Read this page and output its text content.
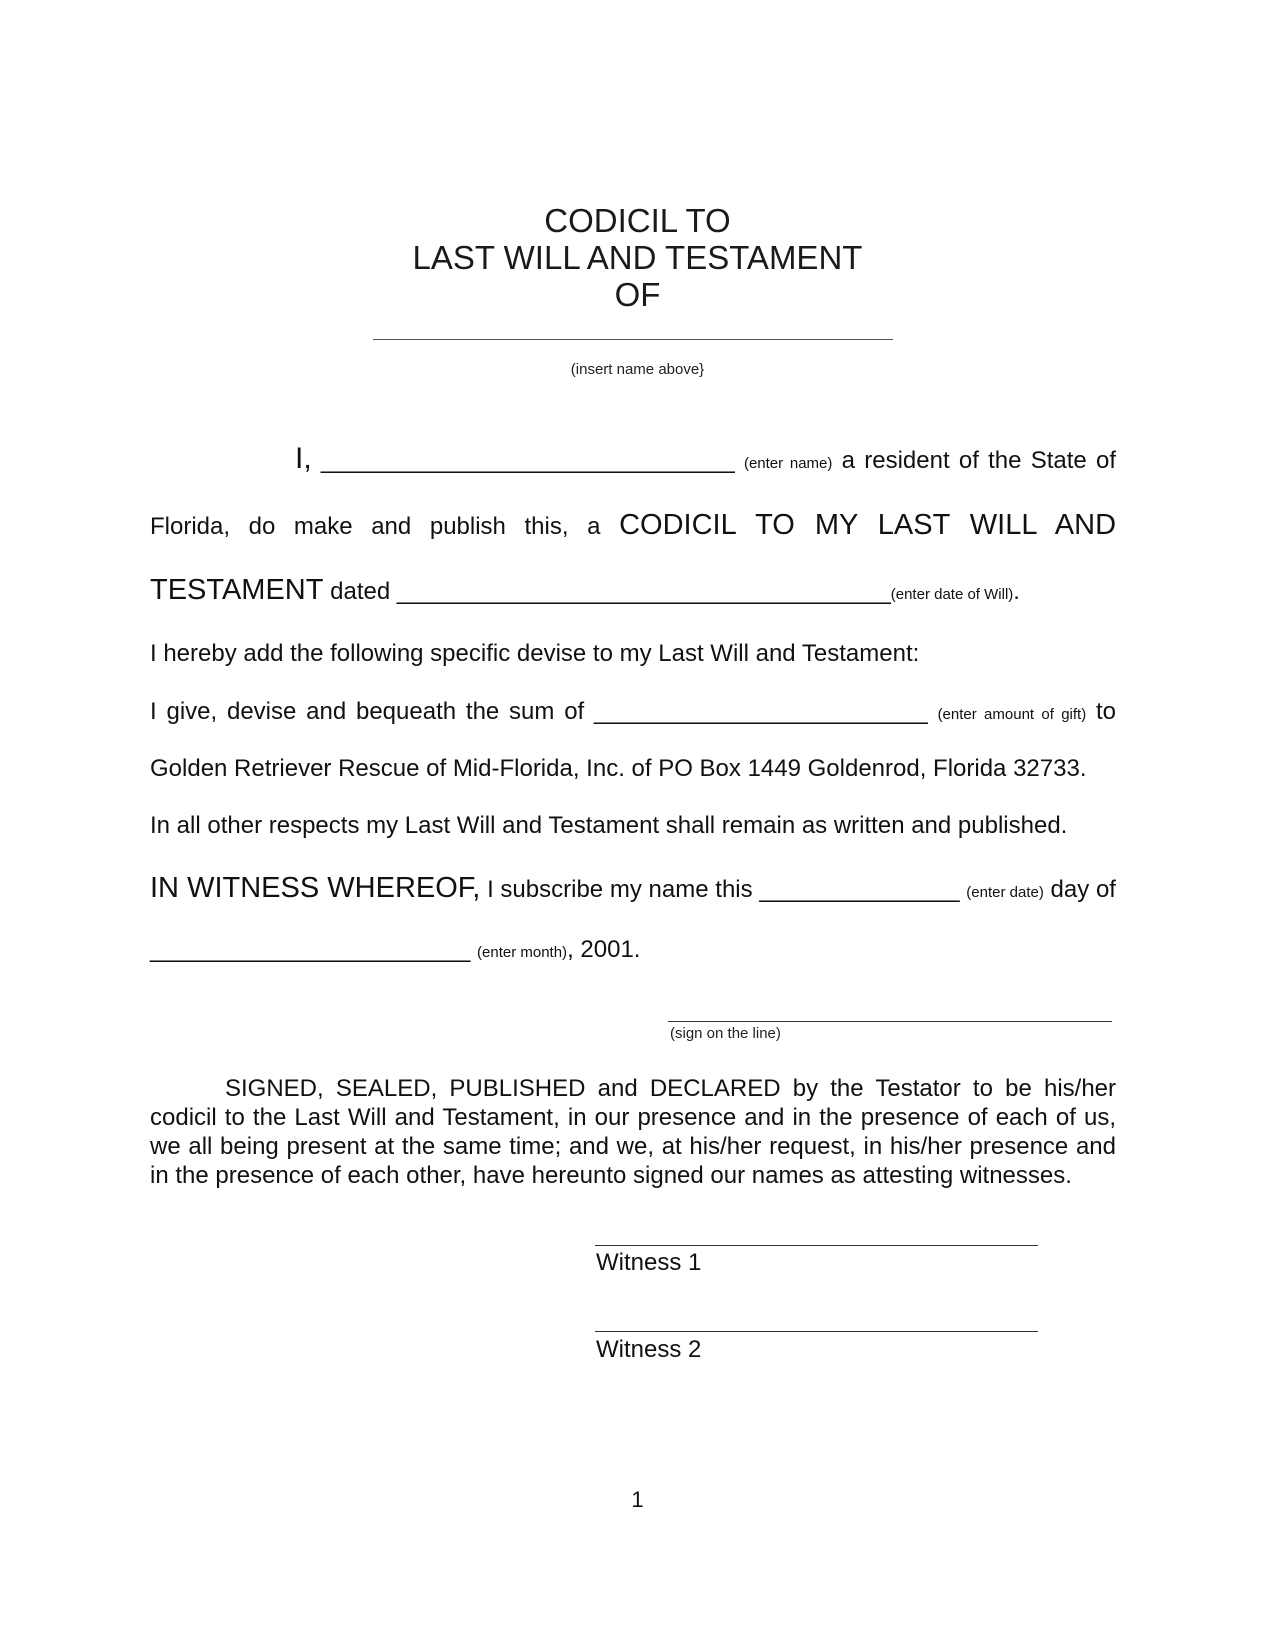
CODICIL TO
LAST WILL AND TESTAMENT
OF
(insert name above}
I, _______________________________ (enter name) a resident of the State of
Florida, do make and publish this, a CODICIL TO MY LAST WILL AND
TESTAMENT dated _____________________________________(enter date of Will).
I hereby add the following specific devise to my Last Will and Testament:
I give, devise and bequeath the sum of _________________________ (enter amount of gift) to
Golden Retriever Rescue of Mid-Florida, Inc. of PO Box 1449 Goldenrod, Florida 32733.
In all other respects my Last Will and Testament shall remain as written and published.
IN WITNESS WHEREOF, I subscribe my name this _______________ (enter date) day of
________________________ (enter month), 2001.
(sign on the line)
SIGNED, SEALED, PUBLISHED and DECLARED by the Testator to be his/her
codicil to the Last Will and Testament, in our presence and in the presence of each of us,
we all being present at the same time; and we, at his/her request, in his/her presence and
in the presence of each other, have hereunto signed our names as attesting witnesses.
Witness 1
Witness 2
1
